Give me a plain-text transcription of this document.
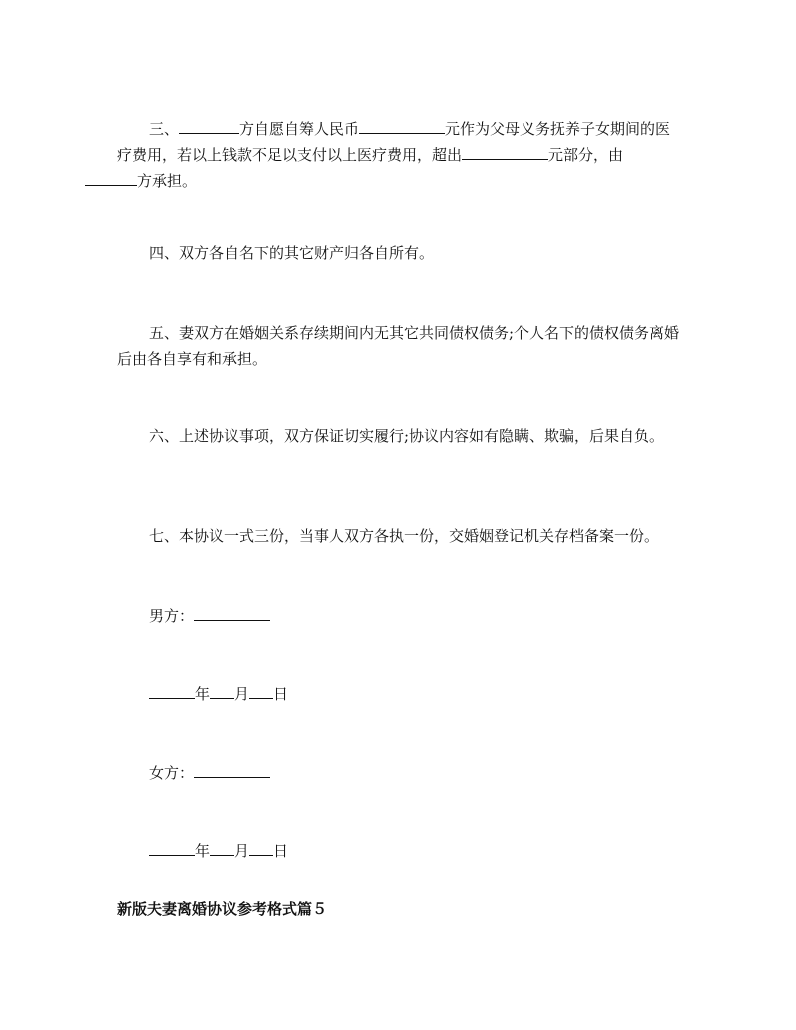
三、	方自愿自筹人民币	元作为父母义务抚养子女期间的医疗费用，若以上钱款不足以支付以上医疗费用，超出	元部分，由
方承担。

四、双方各自名下的其它财产归各自所有。

五、妻双方在婚姻关系存续期间内无其它共同债权债务;个人名下的债权债务离婚后由各自享有和承担。

六、上述协议事项，双方保证切实履行;协议内容如有隐瞒、欺骗，后果自负。

七、本协议一式三份，当事人双方各执一份，交婚姻登记机关存档备案一份。

男方：

年 月 日

女方：

年 月 日

新版夫妻离婚协议参考格式篇５
